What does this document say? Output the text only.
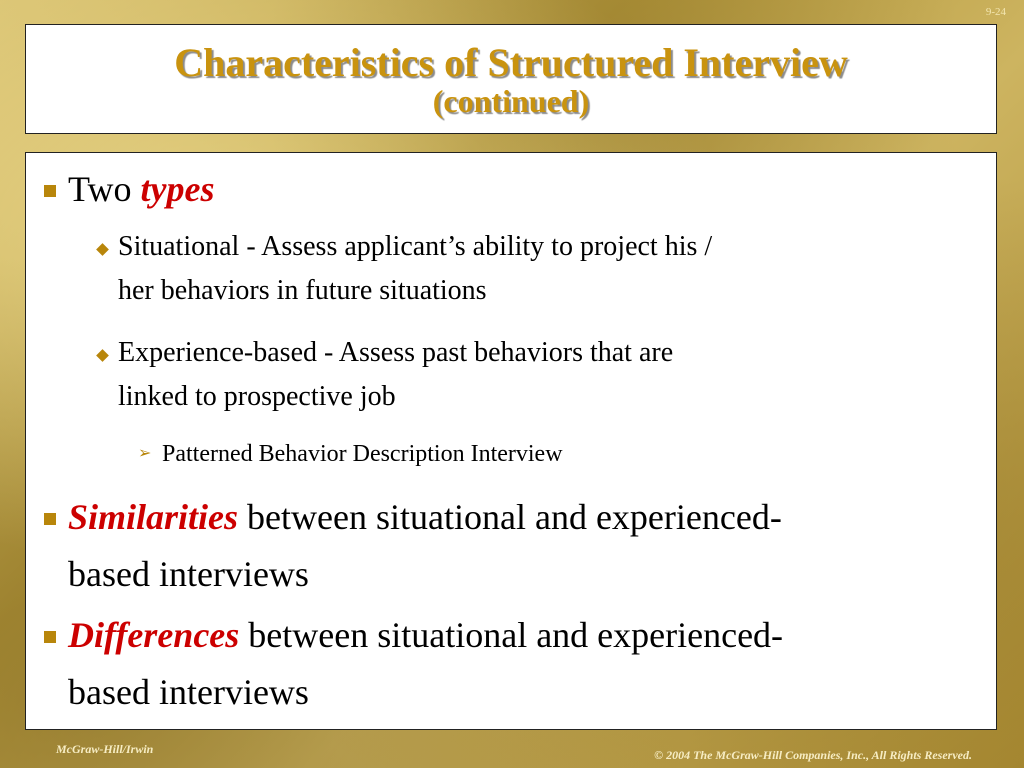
9-24
Characteristics of Structured Interview
(continued)
Two types
Situational - Assess applicant’s ability to project his /
her behaviors in future situations
Experience-based - Assess past behaviors that are
linked to prospective job
➢ Patterned Behavior Description Interview
Similarities between situational and experienced-
based interviews
Differences between situational and experienced-
based interviews
McGraw-Hill/Irwin	© 2004 The McGraw-Hill Companies, Inc., All Rights Reserved.
